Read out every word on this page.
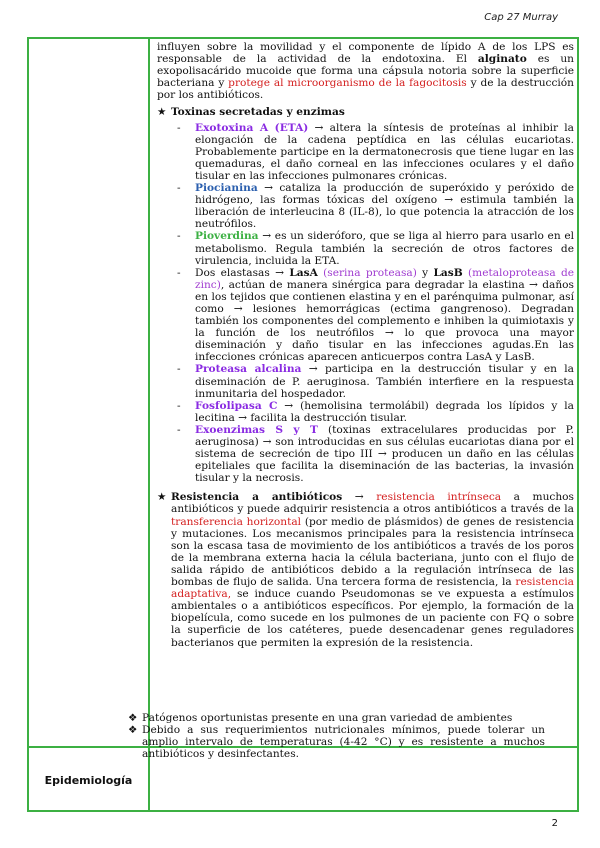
Cap 27 Murray

influyen sobre la movilidad y el componente de lípido A de los LPS es responsable de la actividad de la endotoxina. El alginato es un exopolisacárido mucoide que forma una cápsula notoria sobre la superficie bacteriana y protege al microorganismo de la fagocitosis y de la destrucción por los antibióticos.

★ Toxinas secretadas y enzimas
- Exotoxina A (ETA) → altera la síntesis de proteínas al inhibir la elongación de la cadena peptídica en las células eucariotas. Probablemente participe en la dermatonecrosis que tiene lugar en las quemaduras, el daño corneal en las infecciones oculares y el daño tisular en las infecciones pulmonares crónicas.
- Piocianina → cataliza la producción de superóxido y peróxido de hidrógeno, las formas tóxicas del oxígeno → estimula también la liberación de interleucina 8 (IL-8), lo que potencia la atracción de los neutrófilos.
- Pioverdina → es un sideróforo, que se liga al hierro para usarlo en el metabolismo. Regula también la secreción de otros factores de virulencia, incluida la ETA.
- Dos elastasas → LasA (serina proteasa) y LasB (metaloproteasa de zinc), actúan de manera sinérgica para degradar la elastina → daños en los tejidos que contienen elastina y en el parénquima pulmonar, así como → lesiones hemorrágicas (ectima gangrenoso). Degradan también los componentes del complemento e inhiben la quimiotaxis y la función de los neutrófilos → lo que provoca una mayor diseminación y daño tisular en las infecciones agudas.En las infecciones crónicas aparecen anticuerpos contra LasA y LasB.
- Proteasa alcalina → participa en la destrucción tisular y en la diseminación de P. aeruginosa. También interfiere en la respuesta inmunitaria del hospedador.
- Fosfolipasa C → (hemolisina termolábil) degrada los lípidos y la lecitina → facilita la destrucción tisular.
- Exoenzimas S y T (toxinas extracelulares producidas por P. aeruginosa) → son introducidas en sus células eucariotas diana por el sistema de secreción de tipo III → producen un daño en las células epiteliales que facilita la diseminación de las bacterias, la invasión tisular y la necrosis.
★ Resistencia a antibióticos → resistencia intrínseca a muchos antibióticos y puede adquirir resistencia a otros antibióticos a través de la transferencia horizontal (por medio de plásmidos) de genes de resistencia y mutaciones. Los mecanismos principales para la resistencia intrínseca son la escasa tasa de movimiento de los antibióticos a través de los poros de la membrana externa hacia la célula bacteriana, junto con el flujo de salida rápido de antibióticos debido a la regulación intrínseca de las bombas de flujo de salida. Una tercera forma de resistencia, la resistencia adaptativa, se induce cuando Pseudomonas se ve expuesta a estímulos ambientales o a antibióticos específicos. Por ejemplo, la formación de la biopelícula, como sucede en los pulmones de un paciente con FQ o sobre la superficie de los catéteres, puede desencadenar genes reguladores bacterianos que permiten la expresión de la resistencia.
Epidemiología
❖ Patógenos oportunistas presente en una gran variedad de ambientes
❖ Debido a sus requerimientos nutricionales mínimos, puede tolerar un amplio intervalo de temperaturas (4-42 °C) y es resistente a muchos antibióticos y desinfectantes.
2
